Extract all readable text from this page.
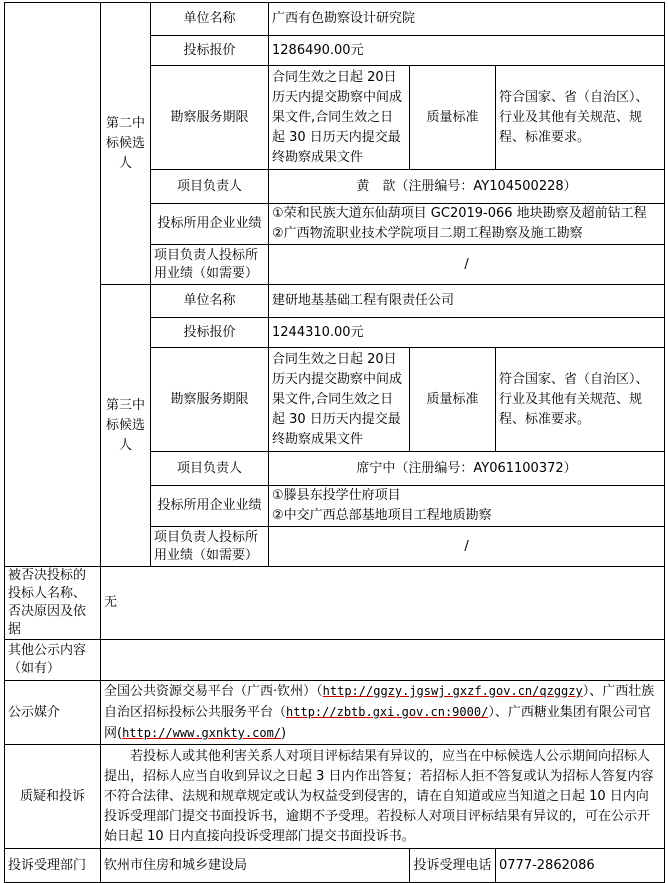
	第二中标候选人	单位名称	广西有色勘察设计研究院		
		投标报价	1286490.00元		
		勘察服务期限	合同生效之日起 20日历天内提交勘察中间成果文件,合同生效之日起 30 日历天内提交最终勘察成果文件	质量标准	符合国家、省（自治区）、行业及其他有关规范、规程、标准要求。
		项目负责人	黄　歆（注册编号：AY104500228）		
		投标所用企业业绩	①荣和民族大道东仙葫项目 GC2019-066 地块勘察及超前钻工程
②广西物流职业技术学院项目二期工程勘察及施工勘察		

		项目负责人投标所用业绩（如需要）	/		

	第三中标候选人	单位名称	建研地基基础工程有限责任公司		
		投标报价	1244310.00元		
		勘察服务期限	合同生效之日起 20日历天内提交勘察中间成果文件,合同生效之日起 30 日历天内提交最终勘察成果文件	质量标准	符合国家、省（自治区）、行业及其他有关规范、规程、标准要求。
		项目负责人	席宁中（注册编号：AY061100372）		
		投标所用企业业绩	①滕县东投学仕府项目
②中交广西总部基地项目工程地质勘察		

		项目负责人投标所用业绩（如需要）	/		

被否决投标的投标人名称、否决原因及依据	无				
其他公示内容（如有）					
公示媒介	全国公共资源交易平台（广西·钦州）（http://ggzy.jgswj.gxzf.gov.cn/qzggzy）、广西壮族自治区招标投标公共服务平台（http://zbtb.gxi.gov.cn:9000/）、广西糖业集团有限公司官网(http://www.gxnkty.com/)				
质疑和投诉	若投标人或其他利害关系人对项目评标结果有异议的，应当在中标候选人公示期间向招标人提出，招标人应当自收到异议之日起 3 日内作出答复；若招标人拒不答复或认为招标人答复内容不符合法律、法规和规章规定或认为权益受到侵害的，请在自知道或应当知道之日起 10 日内向投诉受理部门提交书面投诉书，逾期不予受理。若投标人对项目评标结果有异议的，可在公示开始日起 10 日内直接向投诉受理部门提交书面投诉书。				
投诉受理部门	钦州市住房和城乡建设局			投诉受理电话	0777-2862086
